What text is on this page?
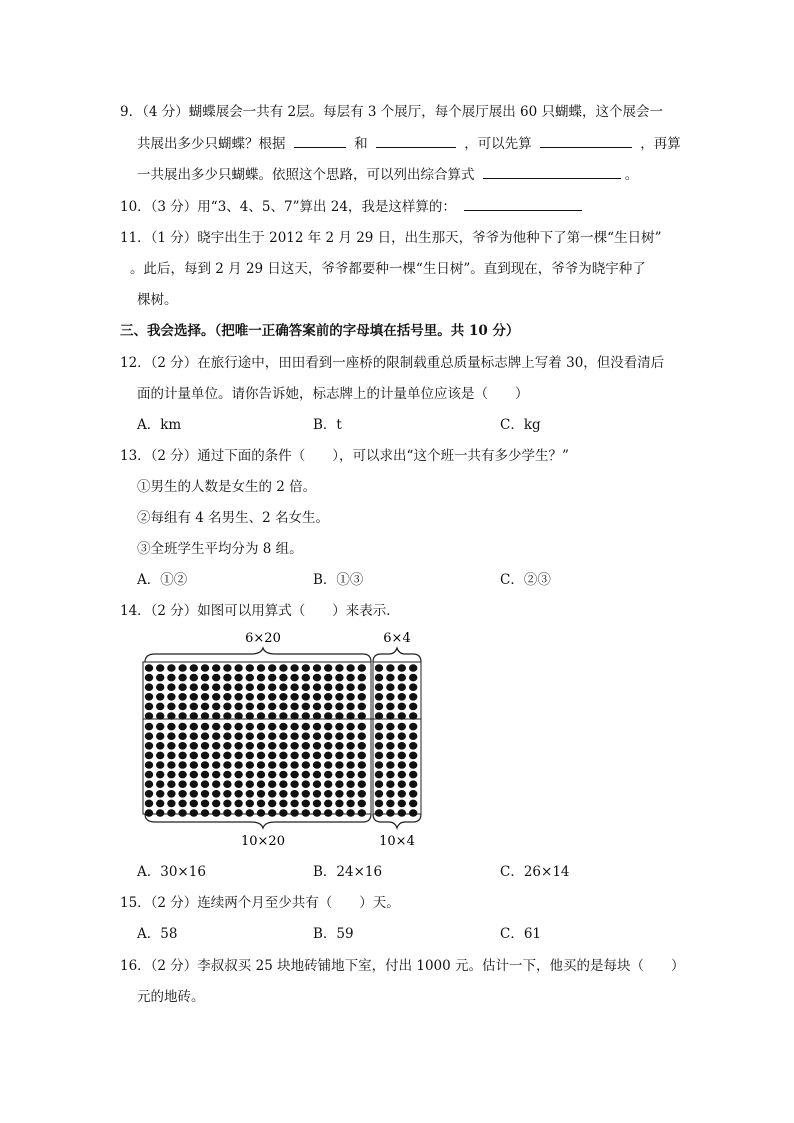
9．（4 分）蝴蝶展会一共有 2层。每层有 3 个展厅，每个展厅展出 60 只蝴蝶，这个展会一
共展出多少只蝴蝶？根据	和	，可以先算	，再算
一共展出多少只蝴蝶。依照这个思路，可以列出综合算式	。
10．（3 分）用“3、4、5、7”算出 24，我是这样算的：
11．（1 分）晓宇出生于 2012 年 2 月 29 日，出生那天，爷爷为他种下了第一棵“生日树”
。此后，每到 2 月 29 日这天，爷爷都要种一棵“生日树”。直到现在，爷爷为晓宇种了
棵树。
三、我会选择。（把唯一正确答案前的字母填在括号里。共 10 分）
12．（2 分）在旅行途中，田田看到一座桥的限制载重总质量标志牌上写着 30，但没看清后
面的计量单位。请你告诉她，标志牌上的计量单位应该是（　　）
A．km	B．t	C．kg
13．（2 分）通过下面的条件（　　），可以求出“这个班一共有多少学生？”
①男生的人数是女生的 2 倍。
②每组有 4 名男生、2 名女生。
③全班学生平均分为 8 组。
A．①②	B．①③	C．②③
14．（2 分）如图可以用算式（　　）来表示．
6×20	6×4
10×20	10×4
A．30×16	B．24×16	C．26×14
15．（2 分）连续两个月至少共有（　　）天。
A．58	B．59	C．61
16．（2 分）李叔叔买 25 块地砖铺地下室，付出 1000 元。估计一下，他买的是每块（　　）
元的地砖。
